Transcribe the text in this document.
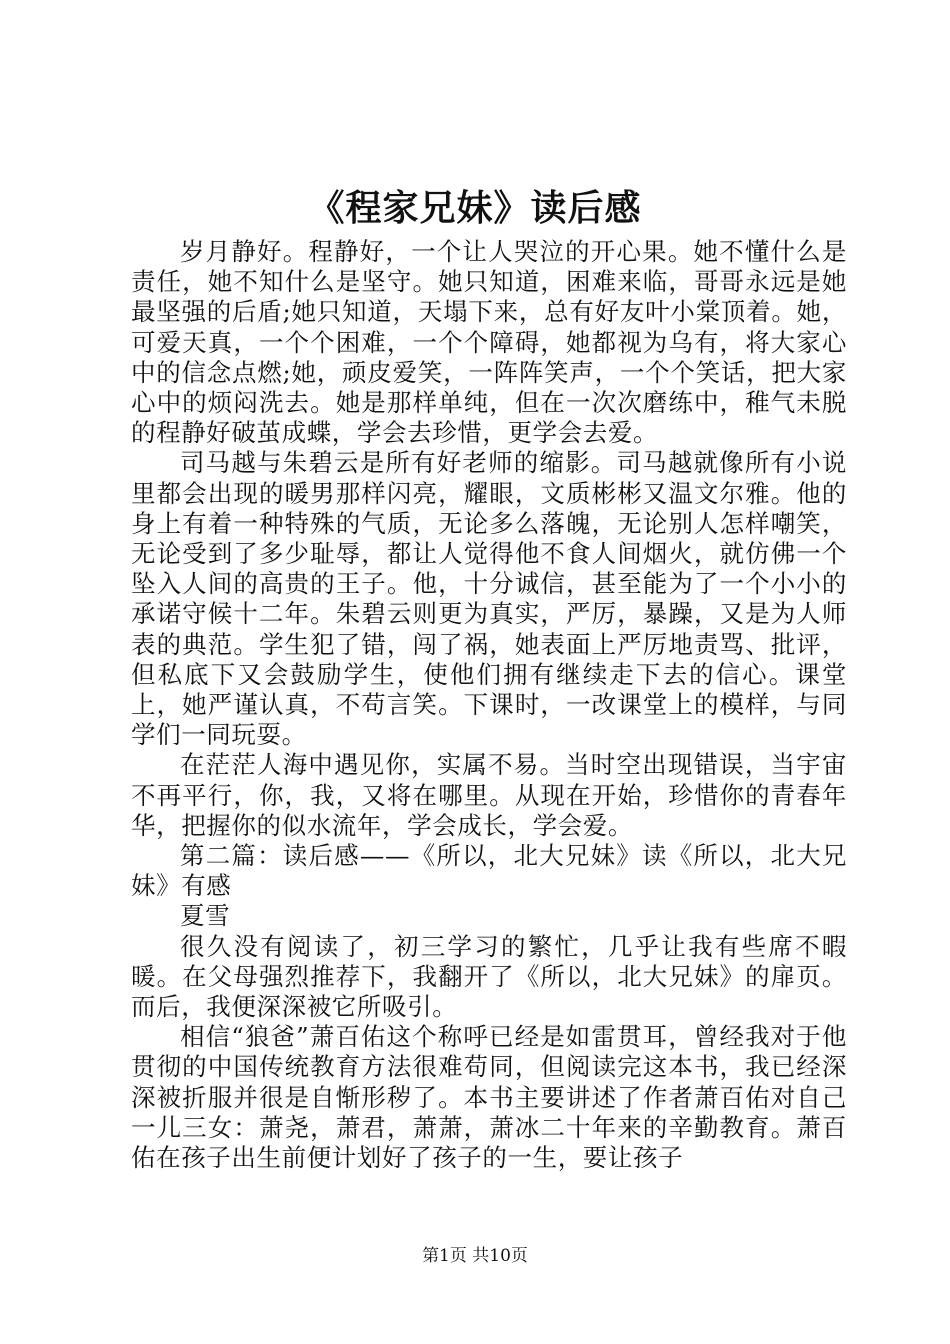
《程家兄妹》读后感

岁月静好。程静好，一个让人哭泣的开心果。她不懂什么是责任，她不知什么是坚守。她只知道，困难来临，哥哥永远是她最坚强的后盾;她只知道，天塌下来，总有好友叶小棠顶着。她，可爱天真，一个个困难，一个个障碍，她都视为乌有，将大家心中的信念点燃;她，顽皮爱笑，一阵阵笑声，一个个笑话，把大家心中的烦闷洗去。她是那样单纯，但在一次次磨练中，稚气未脱的程静好破茧成蝶，学会去珍惜，更学会去爱。

司马越与朱碧云是所有好老师的缩影。司马越就像所有小说里都会出现的暖男那样闪亮，耀眼，文质彬彬又温文尔雅。他的身上有着一种特殊的气质，无论多么落魄，无论别人怎样嘲笑，无论受到了多少耻辱，都让人觉得他不食人间烟火，就仿佛一个坠入人间的高贵的王子。他，十分诚信，甚至能为了一个小小的承诺守候十二年。朱碧云则更为真实，严厉，暴躁，又是为人师表的典范。学生犯了错，闯了祸，她表面上严厉地责骂、批评，但私底下又会鼓励学生，使他们拥有继续走下去的信心。课堂上，她严谨认真，不苟言笑。下课时，一改课堂上的模样，与同学们一同玩耍。

在茫茫人海中遇见你，实属不易。当时空出现错误，当宇宙不再平行，你，我，又将在哪里。从现在开始，珍惜你的青春年华，把握你的似水流年，学会成长，学会爱。

第二篇：读后感——《所以，北大兄妹》读《所以，北大兄妹》有感

夏雪

很久没有阅读了，初三学习的繁忙，几乎让我有些席不暇暖。在父母强烈推荐下，我翻开了《所以，北大兄妹》的扉页。而后，我便深深被它所吸引。

相信“狼爸”萧百佑这个称呼已经是如雷贯耳，曾经我对于他贯彻的中国传统教育方法很难苟同，但阅读完这本书，我已经深深被折服并很是自惭形秽了。本书主要讲述了作者萧百佑对自己一儿三女：萧尧，萧君，萧萧，萧冰二十年来的辛勤教育。萧百佑在孩子出生前便计划好了孩子的一生，要让孩子

第1页 共10页
